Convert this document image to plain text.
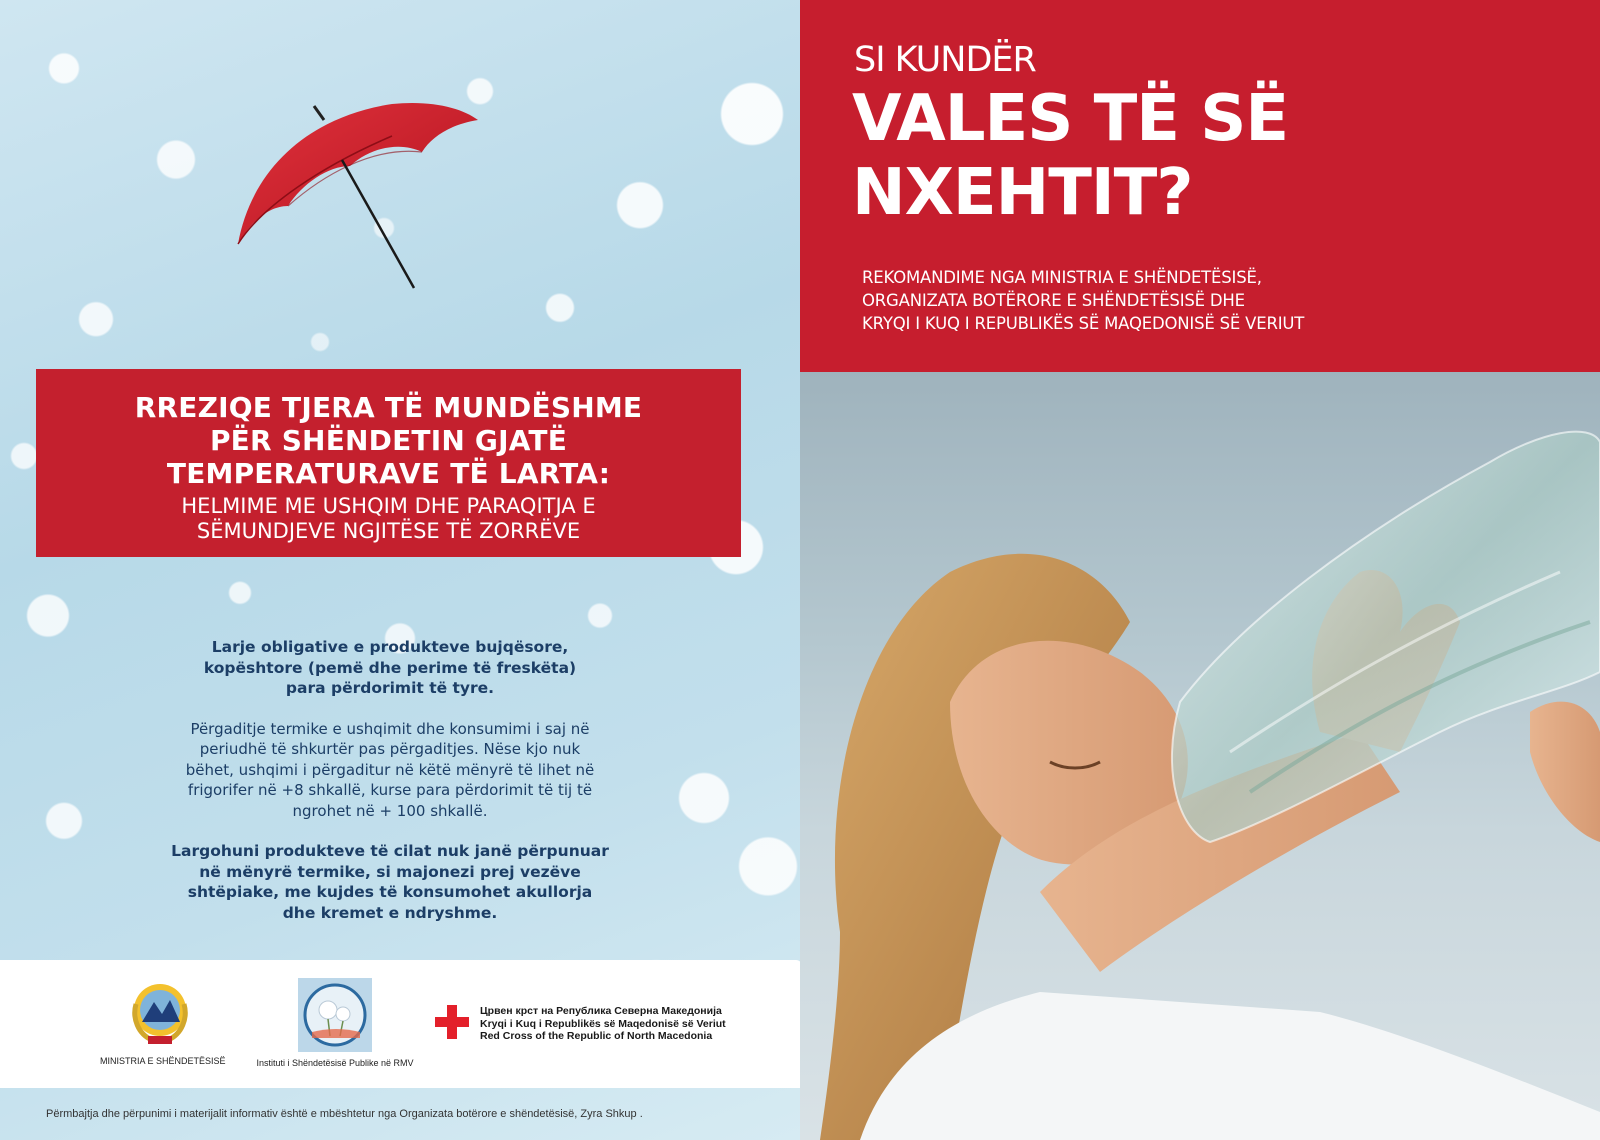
RREZIQE TJERA TË MUNDËSHME
PËR SHËNDETIN GJATË
TEMPERATURAVE TË LARTA:
HELMIME ME USHQIM DHE PARAQITJA E
SËMUNDJEVE NGJITËSE TË ZORRËVE
Larje obligative e produkteve bujqësore,
kopështore (pemë dhe perime të freskëta)
para përdorimit të tyre.
Përgaditje termike e ushqimit dhe konsumimi i saj në
periudhë të shkurtër pas përgaditjes. Nëse kjo nuk
bëhet, ushqimi i përgaditur në këtë mënyrë të lihet në
frigorifer në +8 shkallë, kurse para përdorimit të tij të
ngrohet në + 100 shkallë.
Largohuni produkteve të cilat nuk janë përpunuar
në mënyrë termike, si majonezi prej vezëve
shtëpiake, me kujdes të konsumohet akullorja
dhe kremet e ndryshme.
MINISTRIA E SHËNDETËSISË	Instituti i Shëndetësisë Publike në RMV
Црвен крст на Република Северна Македонија
Kryqi i Kuq i Republikës së Maqedonisë së Veriut
Red Cross of the Republic of North Macedonia
Përmbajtja dhe përpunimi i materijalit informativ është e mbështetur nga Organizata botërore e shëndetësisë, Zyra Shkup .
SI KUNDËR
VALES TË SË
NXEHTIT?
REKOMANDIME NGA MINISTRIA E SHËNDETËSISË,
ORGANIZATA BOTËRORE E SHËNDETËSISË DHE
KRYQI I KUQ I REPUBLIKËS SË MAQEDONISË SË VERIUT
